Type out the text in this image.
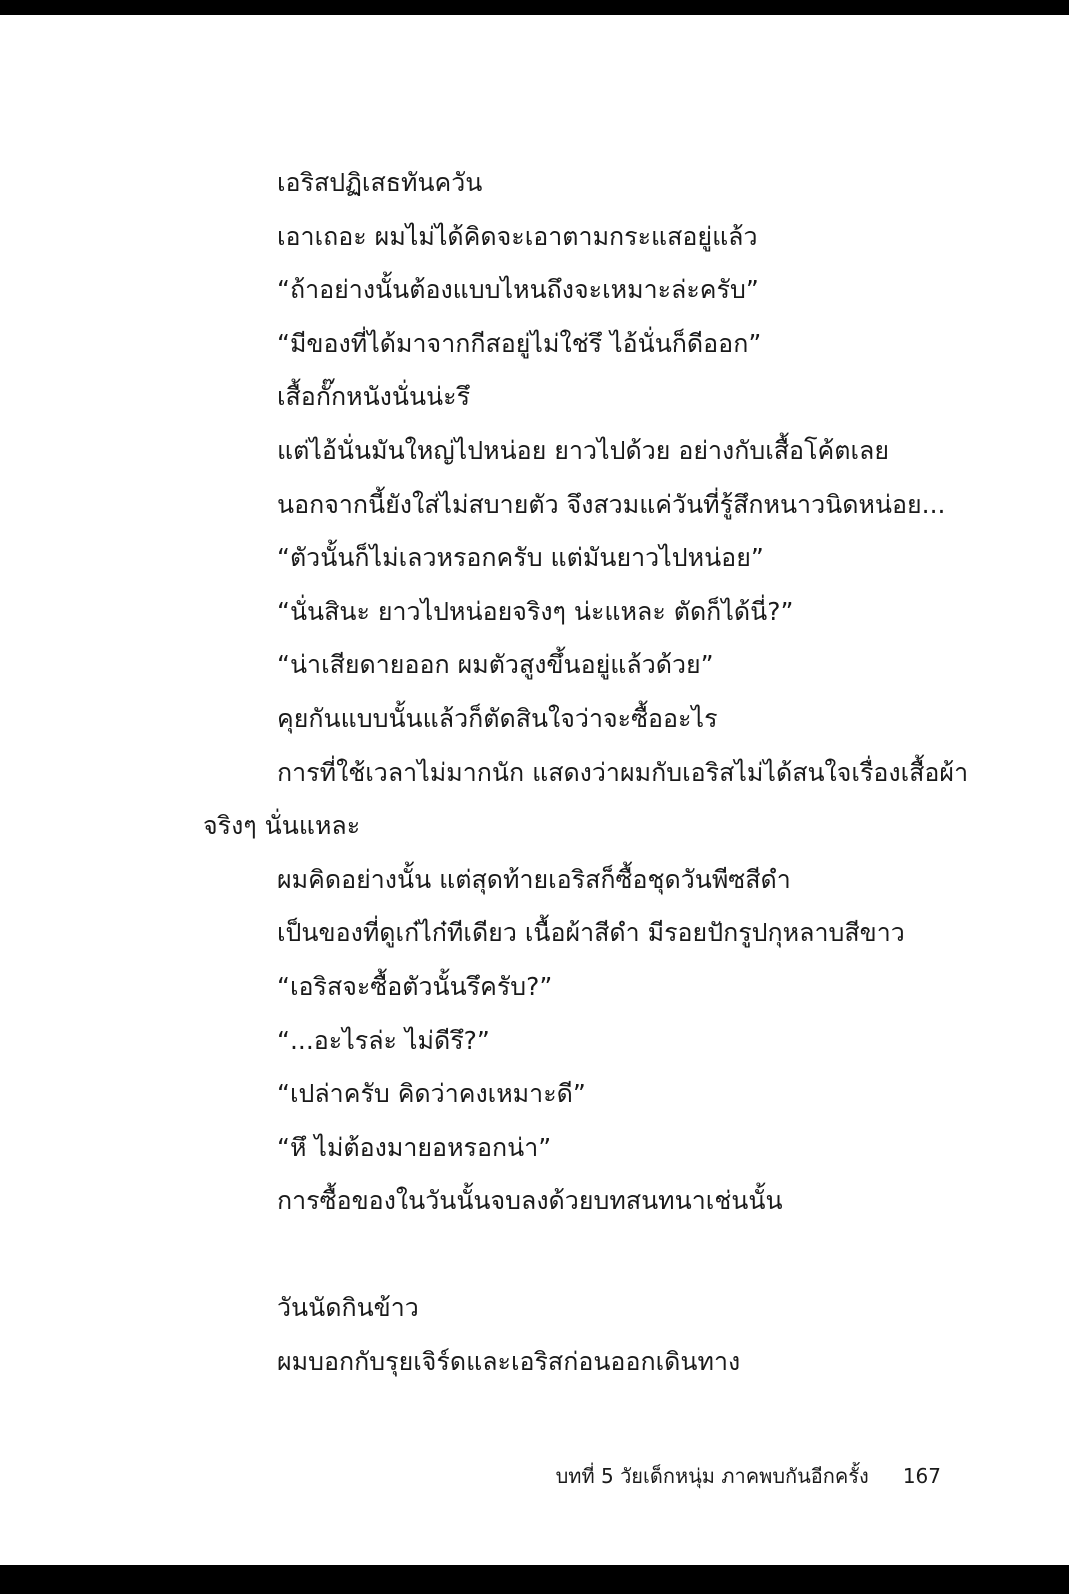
เอริสปฏิเสธทันควัน
เอาเถอะ ผมไม่ได้คิดจะเอาตามกระแสอยู่แล้ว
“ถ้าอย่างนั้นต้องแบบไหนถึงจะเหมาะล่ะครับ”
“มีของที่ได้มาจากกีสอยู่ไม่ใช่รึ ไอ้นั่นก็ดีออก”
เสื้อกั๊กหนังนั่นน่ะรึ
แต่ไอ้นั่นมันใหญ่ไปหน่อย ยาวไปด้วย อย่างกับเสื้อโค้ตเลย
นอกจากนี้ยังใส่ไม่สบายตัว จึงสวมแค่วันที่รู้สึกหนาวนิดหน่อย...
“ตัวนั้นก็ไม่เลวหรอกครับ แต่มันยาวไปหน่อย”
“นั่นสินะ ยาวไปหน่อยจริงๆ น่ะแหละ ตัดก็ได้นี่?”
“น่าเสียดายออก ผมตัวสูงขึ้นอยู่แล้วด้วย”
คุยกันแบบนั้นแล้วก็ตัดสินใจว่าจะซื้ออะไร
การที่ใช้เวลาไม่มากนัก แสดงว่าผมกับเอริสไม่ได้สนใจเรื่องเสื้อผ้า
จริงๆ นั่นแหละ
ผมคิดอย่างนั้น แต่สุดท้ายเอริสก็ซื้อชุดวันพีซสีดำ
เป็นของที่ดูเก๋ไก๋ทีเดียว เนื้อผ้าสีดำ มีรอยปักรูปกุหลาบสีขาว
“เอริสจะซื้อตัวนั้นรึครับ?”
“...อะไรล่ะ ไม่ดีรึ?”
“เปล่าครับ คิดว่าคงเหมาะดี”
“หึ ไม่ต้องมายอหรอกน่า”
การซื้อของในวันนั้นจบลงด้วยบทสนทนาเช่นนั้น
วันนัดกินข้าว
ผมบอกกับรุยเจิร์ดและเอริสก่อนออกเดินทาง
บทที่ 5 วัยเด็กหนุ่ม ภาคพบกันอีกครั้ง 167
